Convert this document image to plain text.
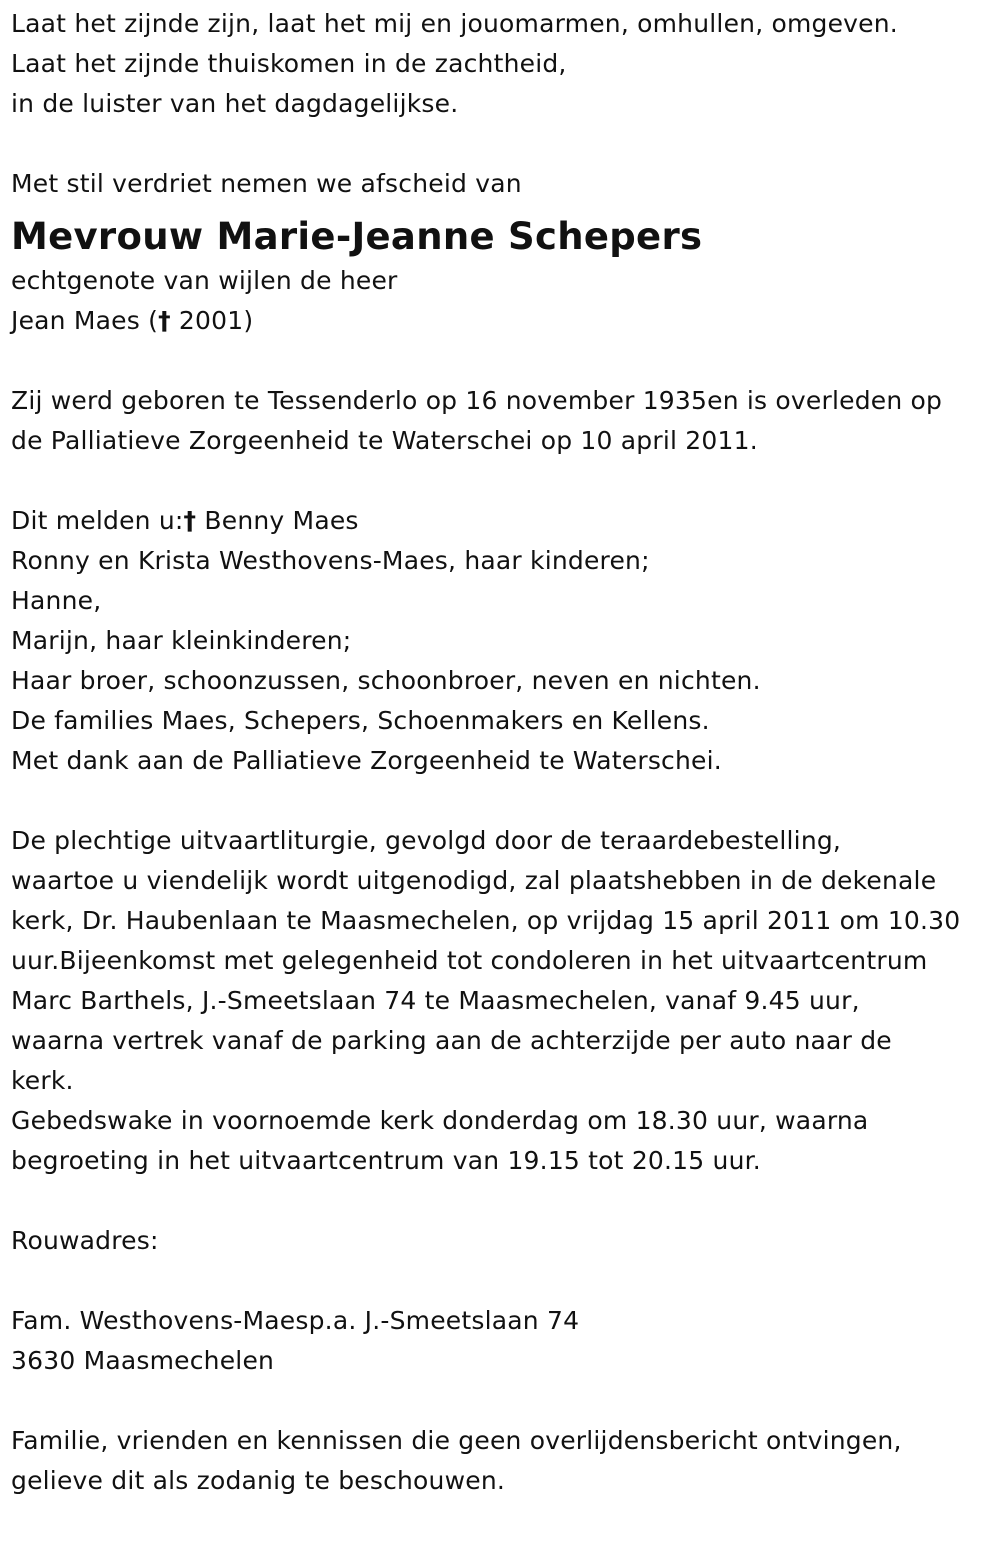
Laat het zijnde zijn, laat het mij en jouomarmen, omhullen, omgeven.
Laat het zijnde thuiskomen in de zachtheid,
in de luister van het dagdagelijkse.
Met stil verdriet nemen we afscheid van
Mevrouw Marie-Jeanne Schepers
echtgenote van wijlen de heer
Jean Maes († 2001)
Zij werd geboren te Tessenderlo op 16 november 1935en is overleden op
de Palliatieve Zorgeenheid te Waterschei op 10 april 2011.
Dit melden u:† Benny Maes
Ronny en Krista Westhovens-Maes, haar kinderen;
Hanne,
Marijn, haar kleinkinderen;
Haar broer, schoonzussen, schoonbroer, neven en nichten.
De families Maes, Schepers, Schoenmakers en Kellens.
Met dank aan de Palliatieve Zorgeenheid te Waterschei.
De plechtige uitvaartliturgie, gevolgd door de teraardebestelling,
waartoe u viendelijk wordt uitgenodigd, zal plaatshebben in de dekenale
kerk, Dr. Haubenlaan te Maasmechelen, op vrijdag 15 april 2011 om 10.30
uur.Bijeenkomst met gelegenheid tot condoleren in het uitvaartcentrum
Marc Barthels, J.-Smeetslaan 74 te Maasmechelen, vanaf 9.45 uur,
waarna vertrek vanaf de parking aan de achterzijde per auto naar de
kerk.
Gebedswake in voornoemde kerk donderdag om 18.30 uur, waarna
begroeting in het uitvaartcentrum van 19.15 tot 20.15 uur.
Rouwadres:
Fam. Westhovens-Maesp.a. J.-Smeetslaan 74
3630 Maasmechelen
Familie, vrienden en kennissen die geen overlijdensbericht ontvingen,
gelieve dit als zodanig te beschouwen.
